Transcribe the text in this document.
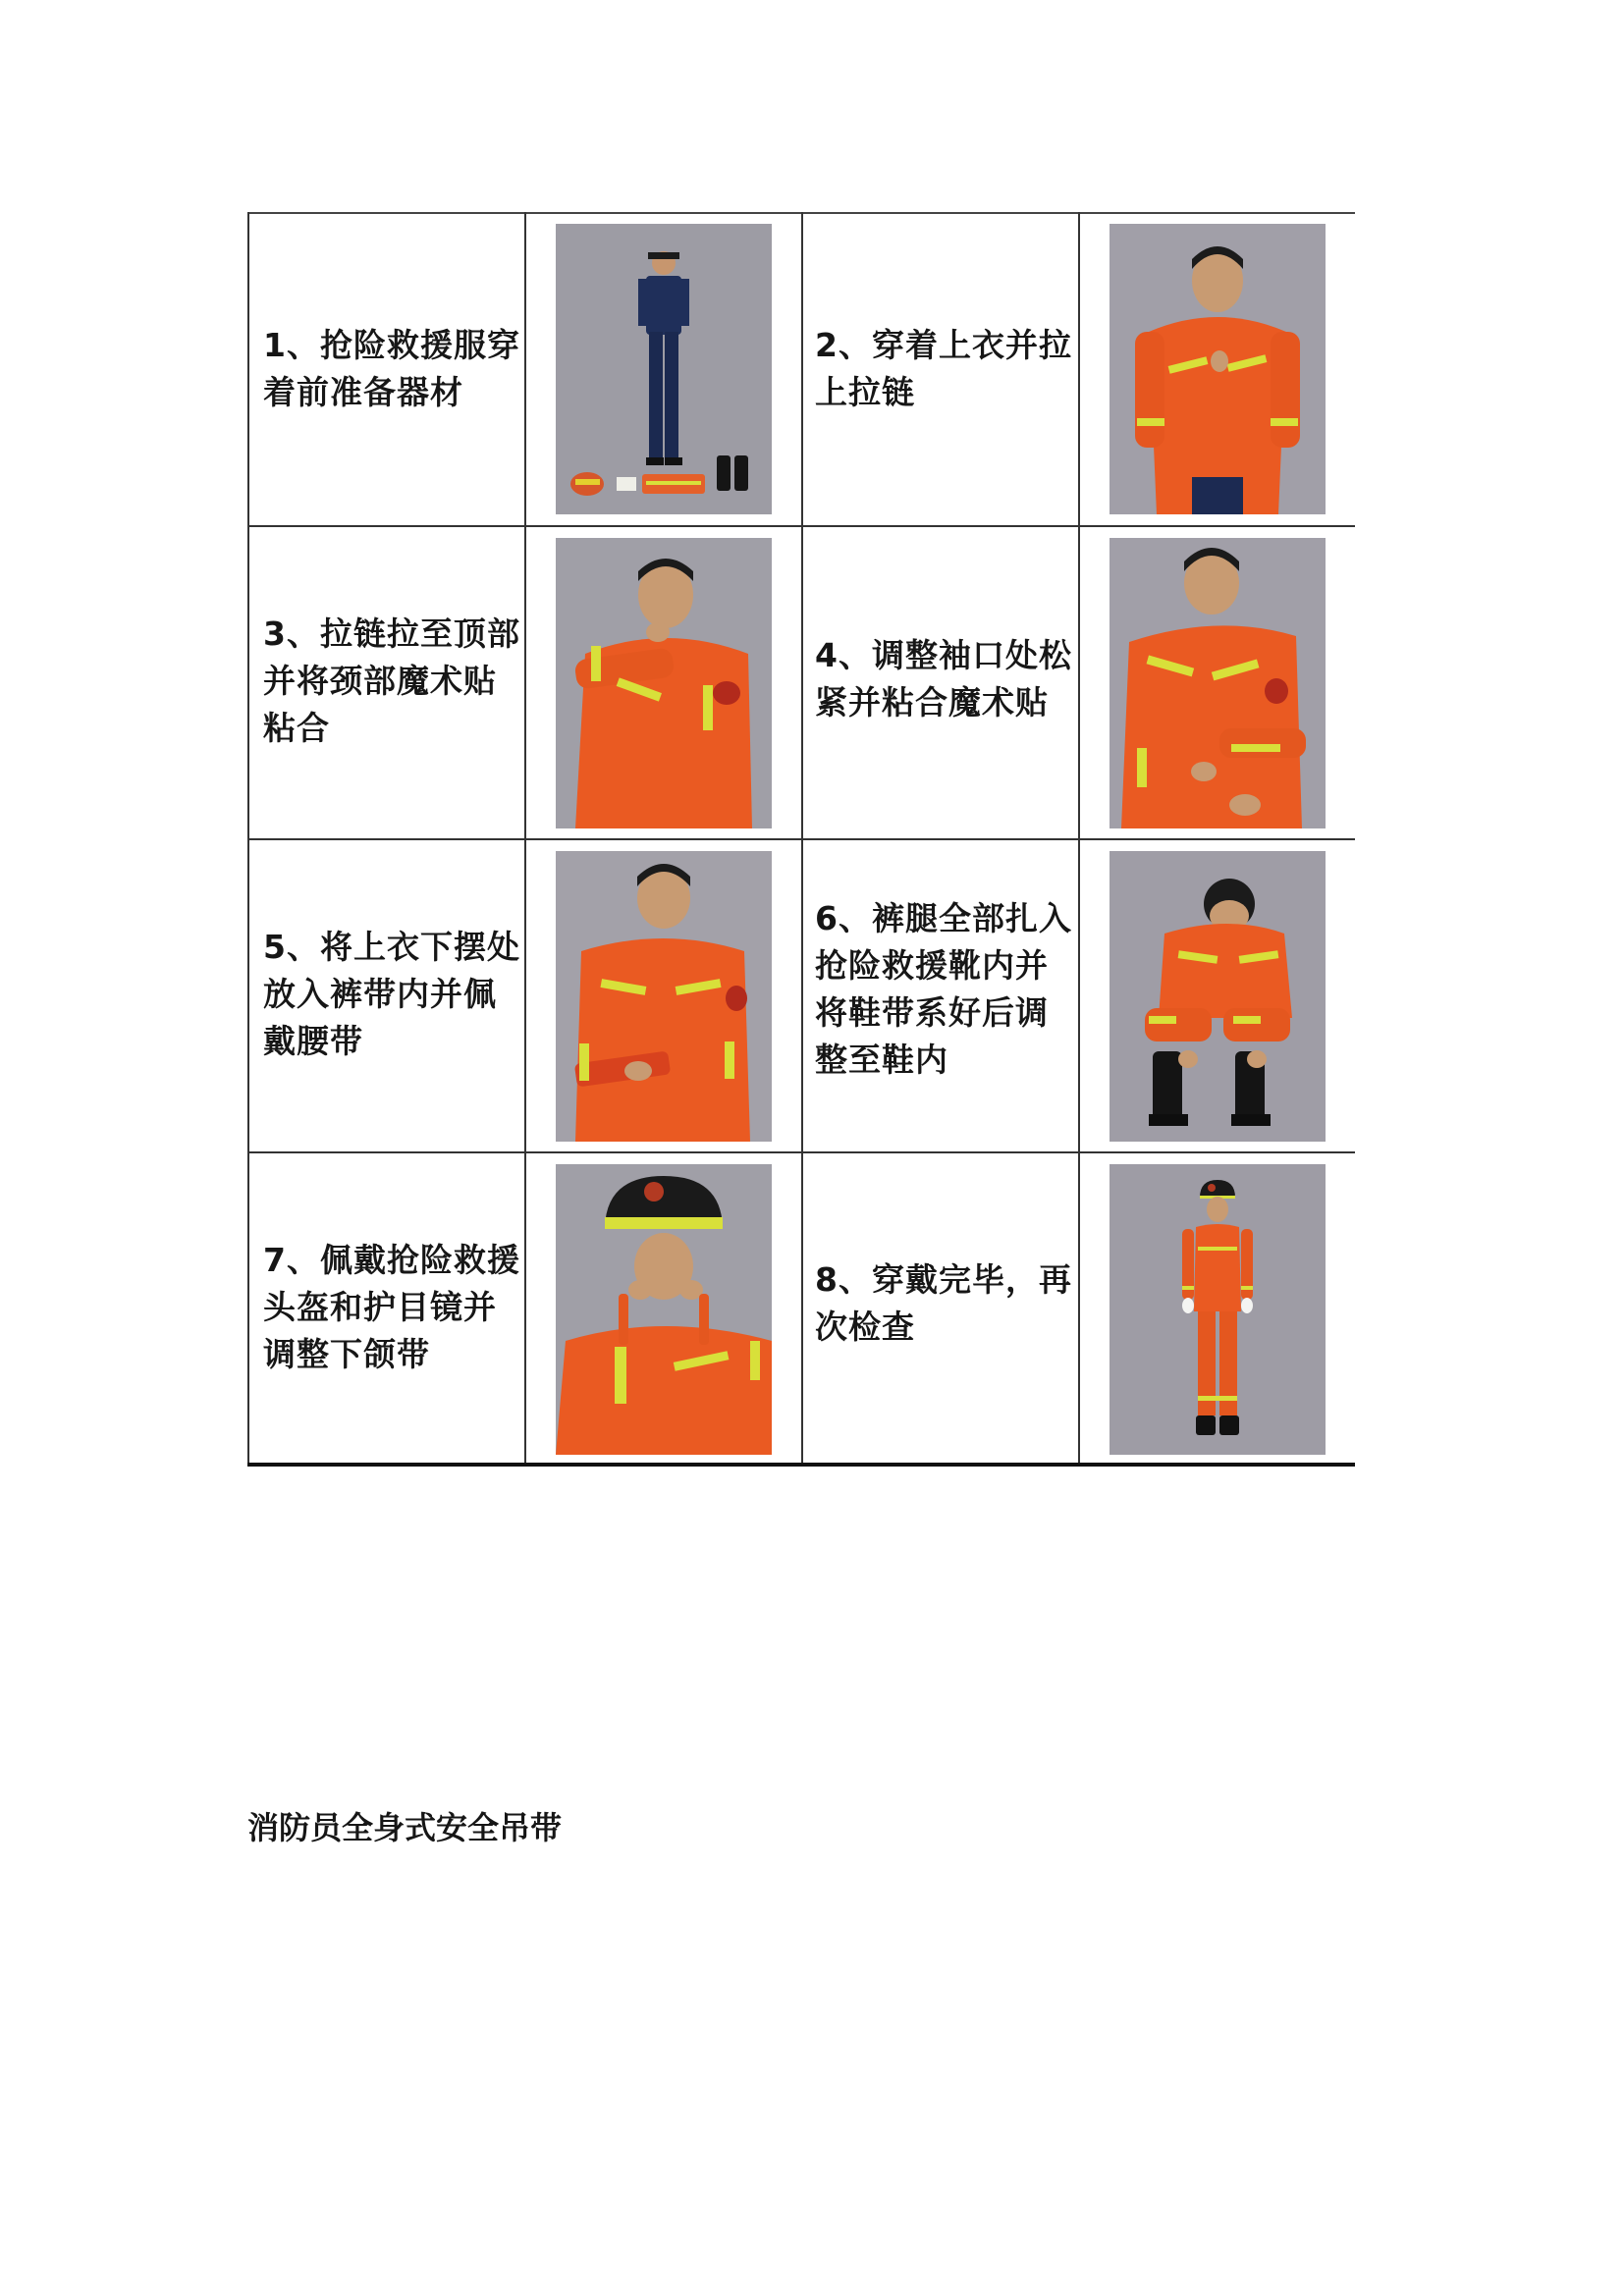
1、抢险救援服穿
着前准备器材
2、穿着上衣并拉
上拉链
3、拉链拉至顶部
并将颈部魔术贴
粘合
4、调整袖口处松
紧并粘合魔术贴
5、将上衣下摆处
放入裤带内并佩
戴腰带
6、裤腿全部扎入
抢险救援靴内并
将鞋带系好后调
整至鞋内
7、佩戴抢险救援
头盔和护目镜并
调整下颌带
8、穿戴完毕，再
次检查
消防员全身式安全吊带
